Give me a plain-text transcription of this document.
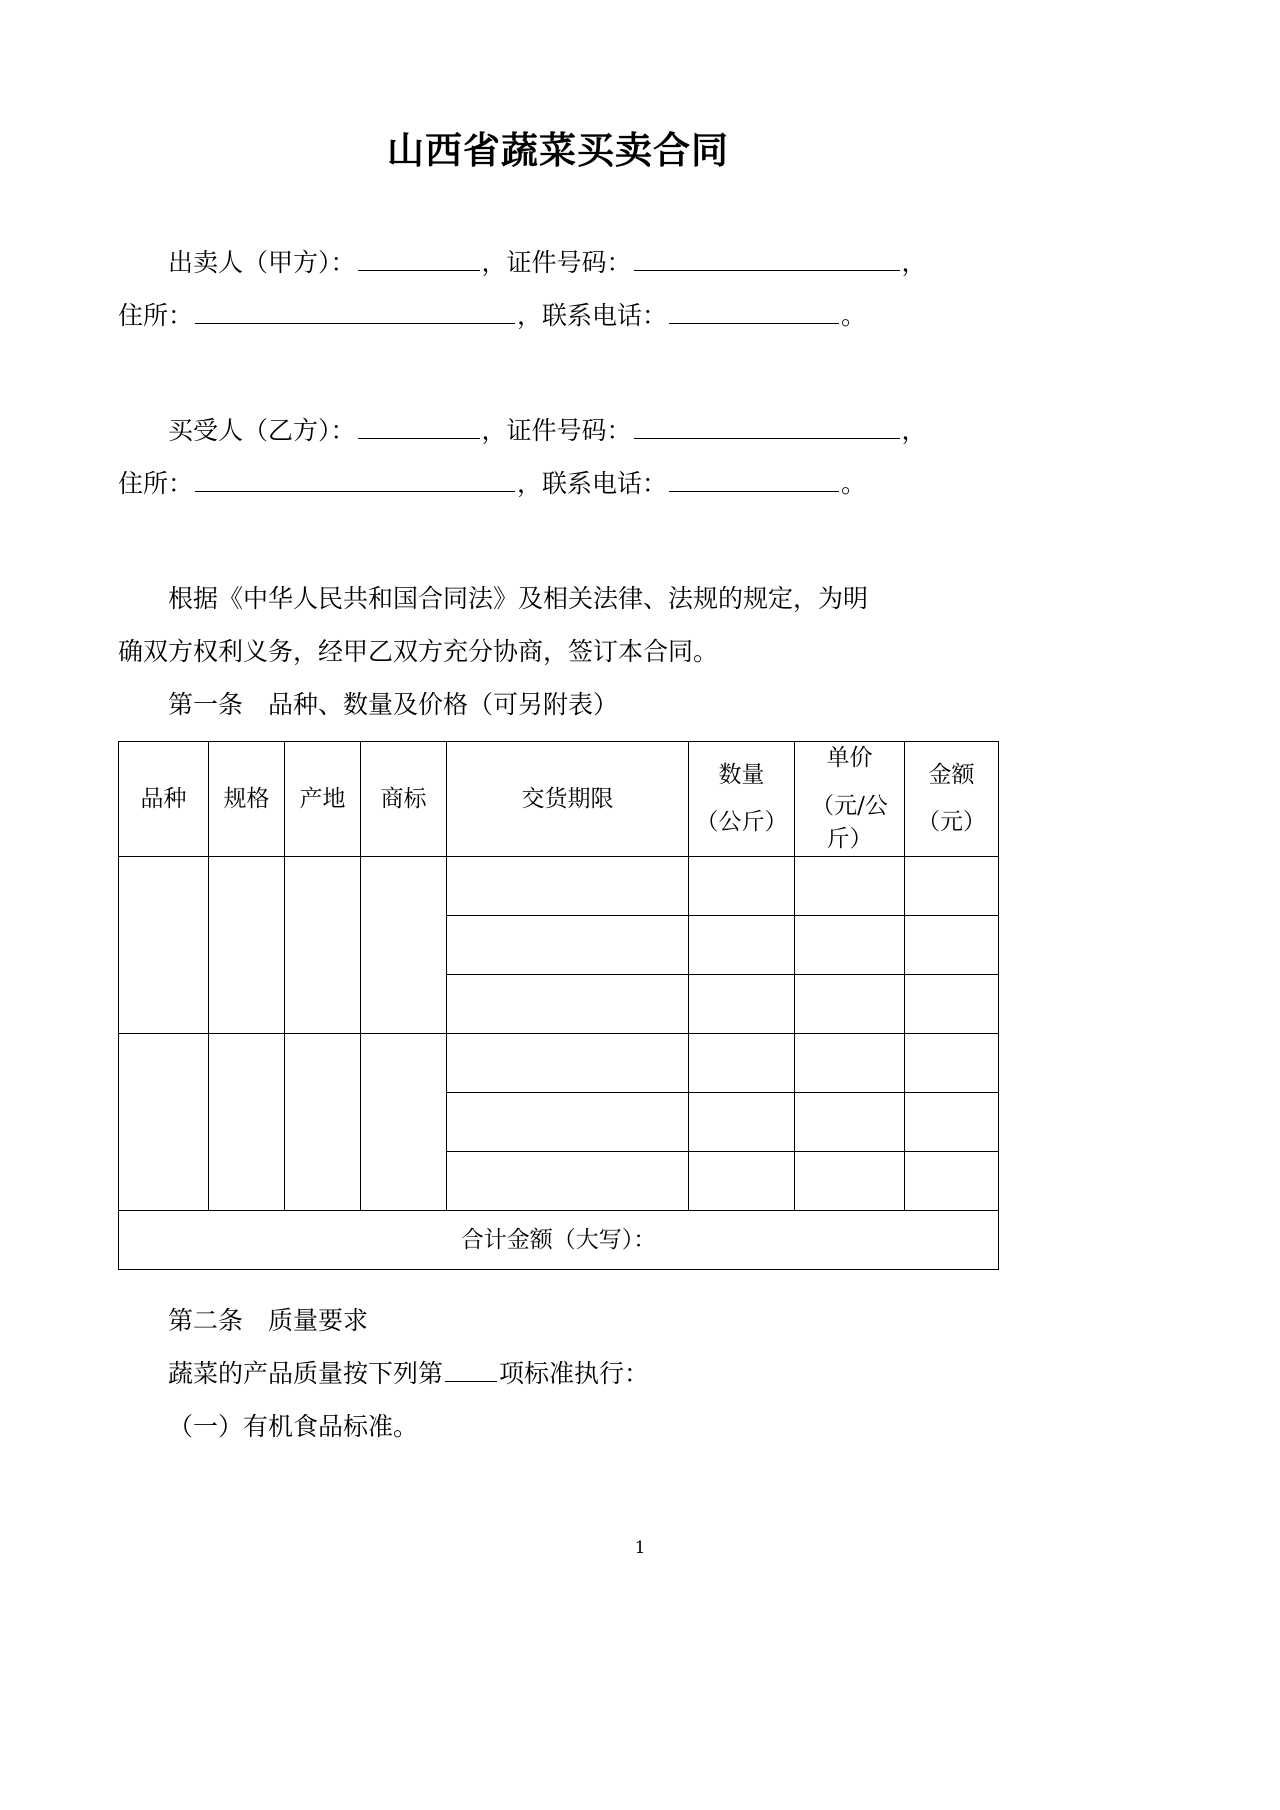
山西省蔬菜买卖合同

出卖人（甲方）：	，证件号码：	，

住所：	，联系电话：	。

买受人（乙方）：	，证件号码：	，

住所：	，联系电话：	。

根据《中华人民共和国合同法》及相关法律、法规的规定，为明

确双方权利义务，经甲乙双方充分协商，签订本合同。

第一条　品种、数量及价格（可另附表）

品种	规格	产地	商标	交货期限	数量
（公斤）	单价
（元/公斤）	金额
（元）

合计金额（大写）：							

第二条　质量要求

蔬菜的产品质量按下列第 项标准执行：

（一）有机食品标准。

1
